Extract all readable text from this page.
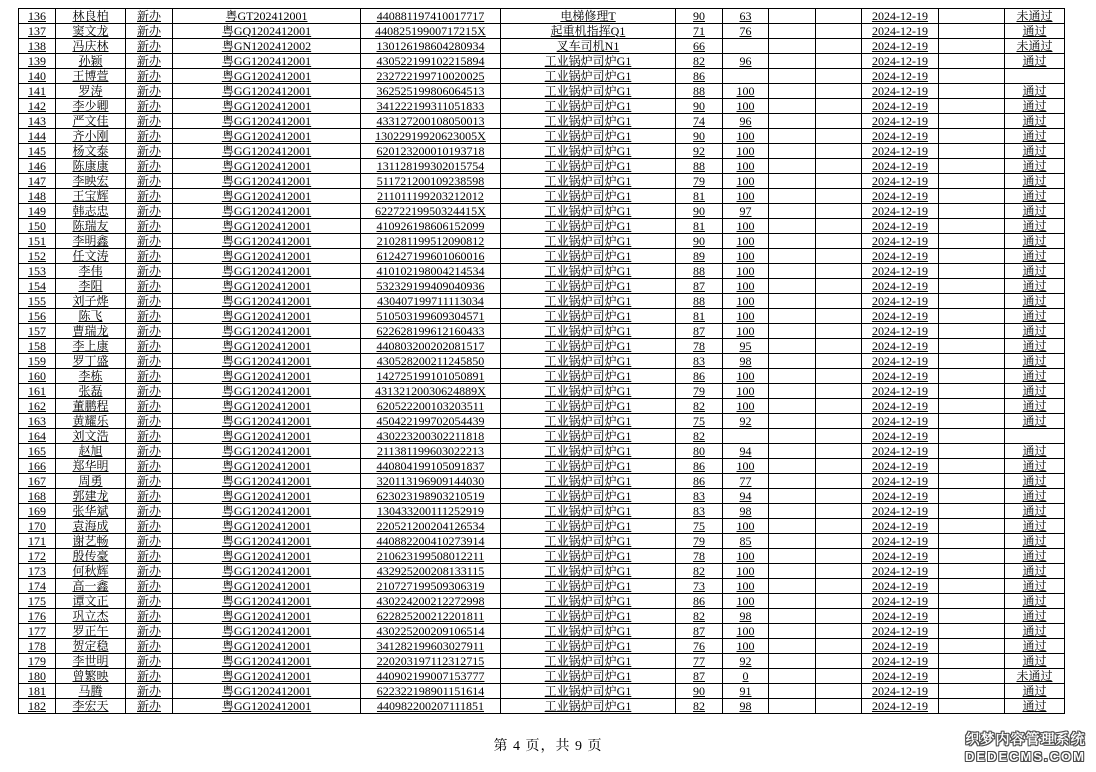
136	林良柏	新办	粤GT202412001	440881197410017717	电梯修理T	90	63			2024-12-19		未通过
137	窦文龙	新办	粤GQ1202412001	44082519900717215X	起重机指挥Q1	71	76			2024-12-19		通过
138	冯庆林	新办	粤GN1202412002	130126198604280934	叉车司机N1	66				2024-12-19		未通过
139	孙颖	新办	粤GG1202412001	430522199102215894	工业锅炉司炉G1	82	96			2024-12-19		通过
140	王博萱	新办	粤GG1202412001	232722199710020025	工业锅炉司炉G1	86				2024-12-19		
141	罗涛	新办	粤GG1202412001	362525199806064513	工业锅炉司炉G1	88	100			2024-12-19		通过
142	李少卿	新办	粤GG1202412001	341222199311051833	工业锅炉司炉G1	90	100			2024-12-19		通过
143	严文佳	新办	粤GG1202412001	433127200108050013	工业锅炉司炉G1	74	96			2024-12-19		通过
144	齐小刚	新办	粤GG1202412001	13022919920623005X	工业锅炉司炉G1	90	100			2024-12-19		通过
145	杨文泰	新办	粤GG1202412001	620123200010193718	工业锅炉司炉G1	92	100			2024-12-19		通过
146	陈康康	新办	粤GG1202412001	131128199302015754	工业锅炉司炉G1	88	100			2024-12-19		通过
147	李映宏	新办	粤GG1202412001	511721200109238598	工业锅炉司炉G1	79	100			2024-12-19		通过
148	王宝辉	新办	粤GG1202412001	211011199203212012	工业锅炉司炉G1	81	100			2024-12-19		通过
149	韩志忠	新办	粤GG1202412001	62272219950324415X	工业锅炉司炉G1	90	97			2024-12-19		通过
150	陈瑞友	新办	粤GG1202412001	410926198606152099	工业锅炉司炉G1	81	100			2024-12-19		通过
151	李明鑫	新办	粤GG1202412001	210281199512090812	工业锅炉司炉G1	90	100			2024-12-19		通过
152	任文涛	新办	粤GG1202412001	612427199601060016	工业锅炉司炉G1	89	100			2024-12-19		通过
153	李伟	新办	粤GG1202412001	410102198004214534	工业锅炉司炉G1	88	100			2024-12-19		通过
154	李阳	新办	粤GG1202412001	532329199409040936	工业锅炉司炉G1	87	100			2024-12-19		通过
155	刘子烨	新办	粤GG1202412001	430407199711113034	工业锅炉司炉G1	88	100			2024-12-19		通过
156	陈飞	新办	粤GG1202412001	510503199609304571	工业锅炉司炉G1	81	100			2024-12-19		通过
157	曹瑞龙	新办	粤GG1202412001	622628199612160433	工业锅炉司炉G1	87	100			2024-12-19		通过
158	李上康	新办	粤GG1202412001	440803200202081517	工业锅炉司炉G1	78	95			2024-12-19		通过
159	罗丁盛	新办	粤GG1202412001	430528200211245850	工业锅炉司炉G1	83	98			2024-12-19		通过
160	李栋	新办	粤GG1202412001	142725199101050891	工业锅炉司炉G1	86	100			2024-12-19		通过
161	张磊	新办	粤GG1202412001	43132120030624889X	工业锅炉司炉G1	79	100			2024-12-19		通过
162	董鹏程	新办	粤GG1202412001	620522200103203511	工业锅炉司炉G1	82	100			2024-12-19		通过
163	黄耀乐	新办	粤GG1202412001	450422199702054439	工业锅炉司炉G1	75	92			2024-12-19		通过
164	刘文浩	新办	粤GG1202412001	430223200302211818	工业锅炉司炉G1	82				2024-12-19		
165	赵旭	新办	粤GG1202412001	211381199603022213	工业锅炉司炉G1	80	94			2024-12-19		通过
166	郑华明	新办	粤GG1202412001	440804199105091837	工业锅炉司炉G1	86	100			2024-12-19		通过
167	周勇	新办	粤GG1202412001	320113196909144030	工业锅炉司炉G1	86	77			2024-12-19		通过
168	郭建龙	新办	粤GG1202412001	623023198903210519	工业锅炉司炉G1	83	94			2024-12-19		通过
169	张华斌	新办	粤GG1202412001	130433200111252919	工业锅炉司炉G1	83	98			2024-12-19		通过
170	袁海成	新办	粤GG1202412001	220521200204126534	工业锅炉司炉G1	75	100			2024-12-19		通过
171	谢艺畅	新办	粤GG1202412001	440882200410273914	工业锅炉司炉G1	79	85			2024-12-19		通过
172	殷传豪	新办	粤GG1202412001	210623199508012211	工业锅炉司炉G1	78	100			2024-12-19		通过
173	何秋辉	新办	粤GG1202412001	432925200208133115	工业锅炉司炉G1	82	100			2024-12-19		通过
174	高一鑫	新办	粤GG1202412001	210727199509306319	工业锅炉司炉G1	73	100			2024-12-19		通过
175	谭文正	新办	粤GG1202412001	430224200212272998	工业锅炉司炉G1	86	100			2024-12-19		通过
176	巩立杰	新办	粤GG1202412001	622825200212201811	工业锅炉司炉G1	82	98			2024-12-19		通过
177	罗正午	新办	粤GG1202412001	430225200209106514	工业锅炉司炉G1	87	100			2024-12-19		通过
178	贺定稳	新办	粤GG1202412001	341282199603027911	工业锅炉司炉G1	76	100			2024-12-19		通过
179	李世明	新办	粤GG1202412001	220203197112312715	工业锅炉司炉G1	77	92			2024-12-19		通过
180	曾繁映	新办	粤GG1202412001	440902199007153777	工业锅炉司炉G1	87	0			2024-12-19		未通过
181	马腾	新办	粤GG1202412001	622322198901151614	工业锅炉司炉G1	90	91			2024-12-19		通过
182	李宏天	新办	粤GG1202412001	440982200207111851	工业锅炉司炉G1	82	98			2024-12-19		通过
第 4 页，共 9 页	织梦内容管理系统
DEDECMS.COM
